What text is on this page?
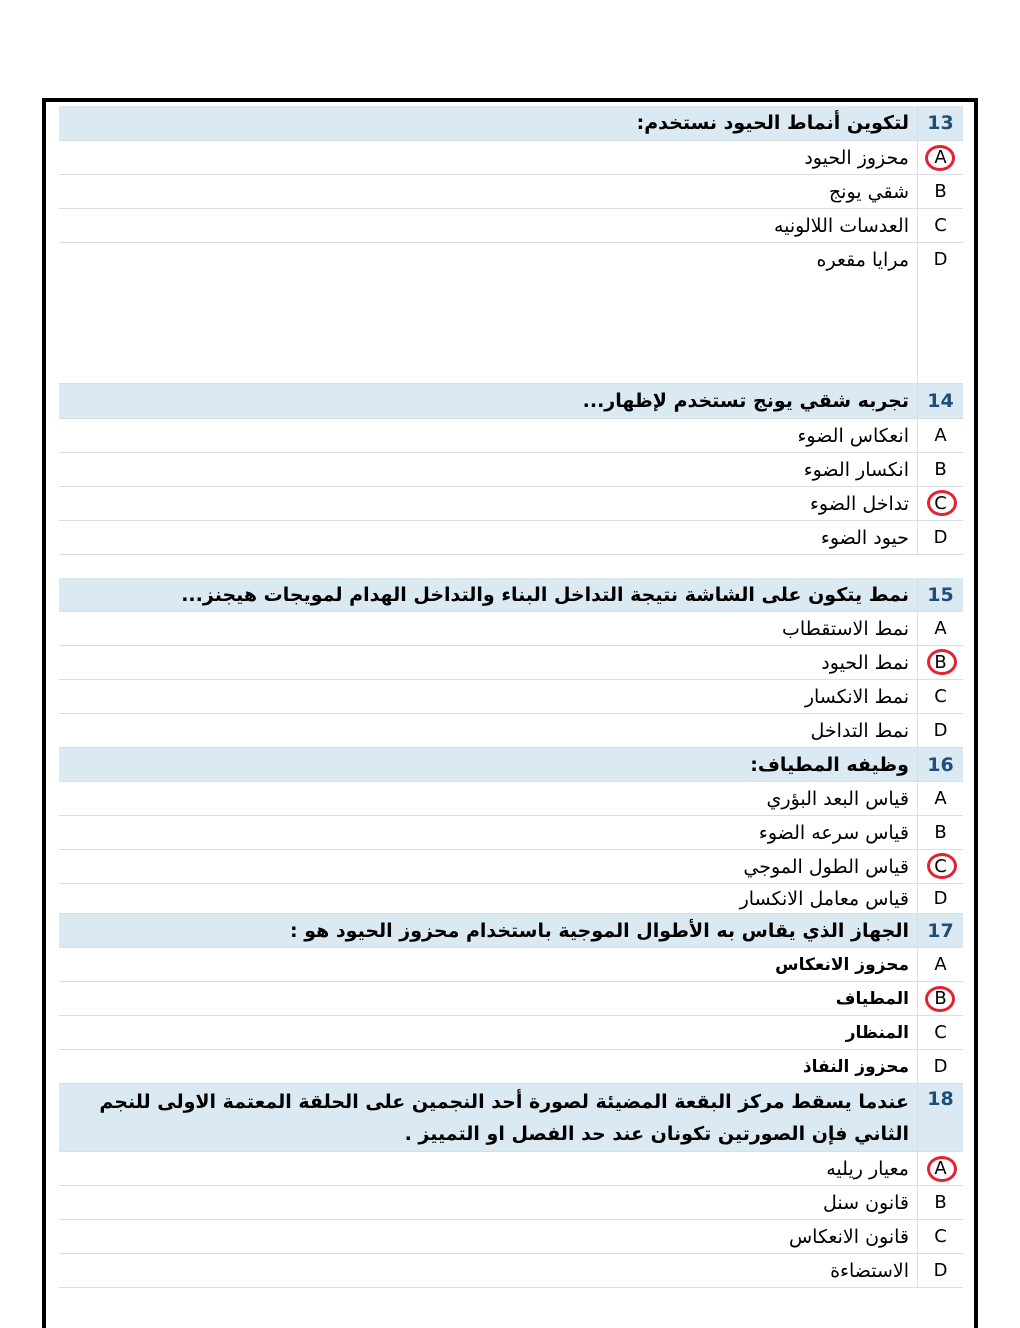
13
لتكوين أنماط الحيود نستخدم:
A
محزوز الحيود
B
شقي يونج
C
العدسات اللالونيه
D
مرايا مقعره
14
تجربه شقي يونج تستخدم لإظهار...
A
انعكاس الضوء
B
انكسار الضوء
C
تداخل الضوء
D
حيود الضوء
15
نمط يتكون على الشاشة نتيجة التداخل البناء والتداخل الهدام لمويجات هيجنز...
A
نمط الاستقطاب
B
نمط الحيود
C
نمط الانكسار
D
نمط التداخل
16
وظيفه المطياف:
A
قياس البعد البؤري
B
قياس سرعه الضوء
C
قياس الطول الموجي
D
قياس معامل الانكسار
17
الجهاز الذي يقاس به الأطوال الموجية باستخدام محزوز الحيود هو :
A
محزوز الانعكاس
B
المطياف
C
المنظار
D
محزوز النفاذ
18
عندما يسقط مركز البقعة المضيئة لصورة أحد النجمين على الحلقة المعتمة الاولى للنجم الثاني فإن الصورتين تكونان عند حد الفصل او التمييز .
A
معيار ريليه
B
قانون سنل
C
قانون الانعكاس
D
الاستضاءة
